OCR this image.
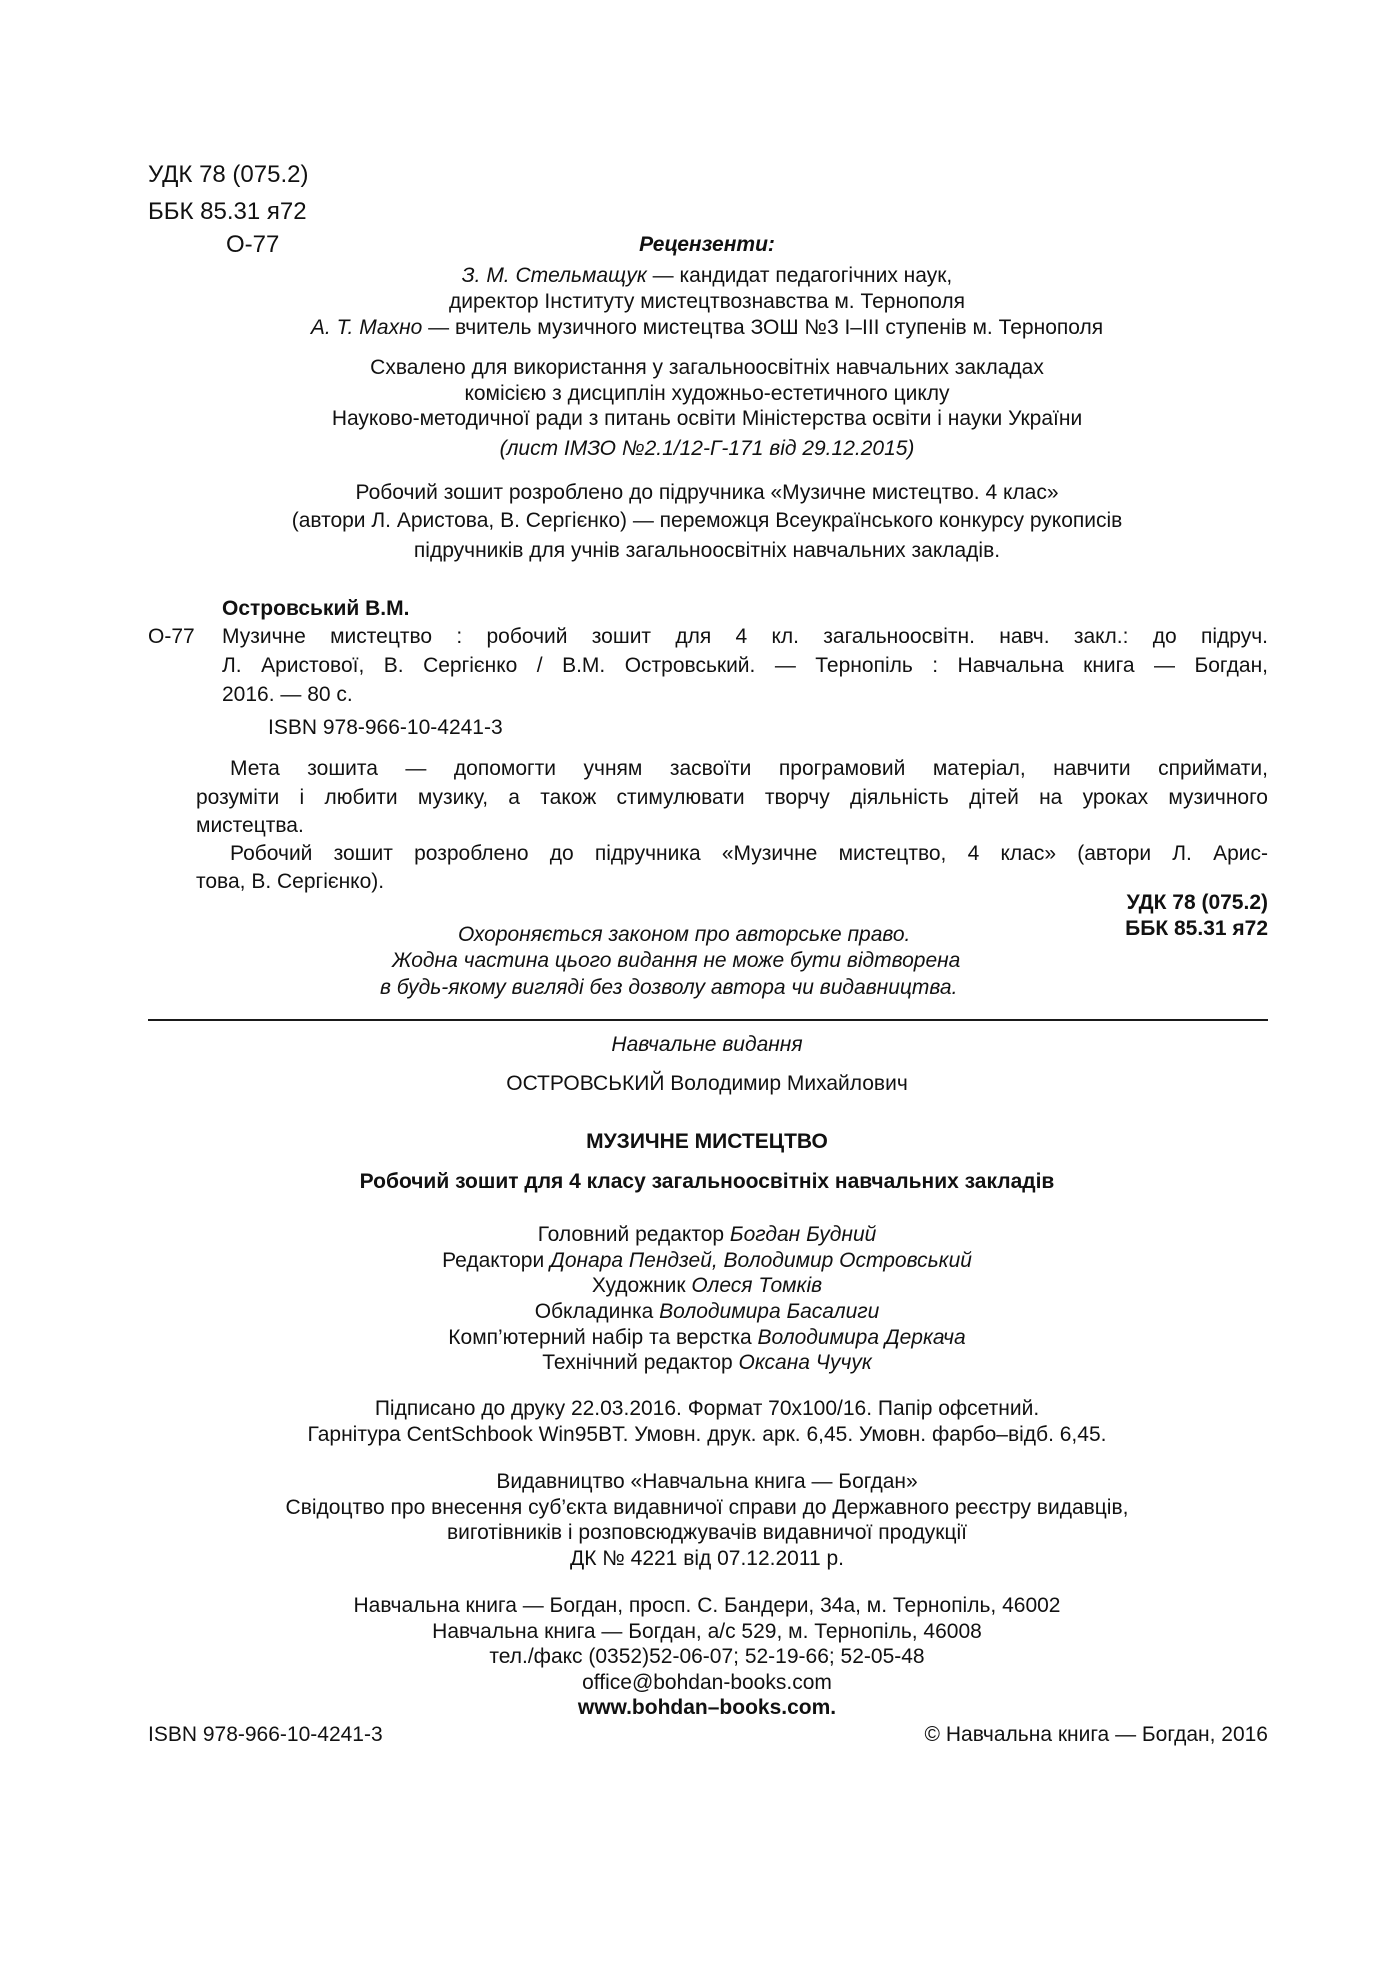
УДК 78 (075.2)
ББК 85.31 я72
О-77	Рецензенти:
З. М. Стельмащук — кандидат педагогічних наук,
директор Інституту мистецтвознавства м. Тернополя
А. Т. Махно — вчитель музичного мистецтва ЗОШ №3 І–ІІІ ступенів м. Тернополя
Схвалено для використання у загальноосвітніх навчальних закладах
комісією з дисциплін художньо-естетичного циклу
Науково-методичної ради з питань освіти Міністерства освіти і науки України
(лист ІМЗО №2.1/12-Г-171 від 29.12.2015)
Робочий зошит розроблено до підручника «Музичне мистецтво. 4 клас»
(автори Л. Аристова, В. Сергієнко) — переможця Всеукраїнського конкурсу рукописів
підручників для учнів загальноосвітніх навчальних закладів.
Островський В.М.
О-77 Музичне мистецтво : робочий зошит для 4 кл. загальноосвітн. навч. закл.: до підруч.
Л. Аристової, В. Сергієнко / В.М. Островський. — Тернопіль : Навчальна книга — Богдан,
2016. — 80 с.
ISBN 978-966-10-4241-3
Мета зошита — допомогти учням засвоїти програмовий матеріал, навчити сприймати,
розуміти і любити музику, а також стимулювати творчу діяльність дітей на уроках музичного
мистецтва.
Робочий зошит розроблено до підручника «Музичне мистецтво, 4 клас» (автори Л. Арис-
това, В. Сергієнко).
УДК 78 (075.2)
ББК 85.31 я72
Охороняється законом про авторське право.
Жодна частина цього видання не може бути відтворена
в будь-якому вигляді без дозволу автора чи видавництва.
Навчальне видання
ОСТРОВСЬКИЙ Володимир Михайлович
МУЗИЧНЕ МИСТЕЦТВО
Робочий зошит для 4 класу загальноосвітніх навчальних закладів
Головний редактор Богдан Будний
Редактори Донара Пендзей, Володимир Островський
Художник Олеся Томків
Обкладинка Володимира Басалиги
Комп’ютерний набір та верстка Володимира Деркача
Технічний редактор Оксана Чучук
Підписано до друку 22.03.2016. Формат 70х100/16. Папір офсетний.
Гарнітура CentSchbook Win95BT. Умовн. друк. арк. 6,45. Умовн. фарбо–відб. 6,45.
Видавництво «Навчальна книга — Богдан»
Свідоцтво про внесення суб’єкта видавничої справи до Державного реєстру видавців,
виготівників і розповсюджувачів видавничої продукції
ДК № 4221 від 07.12.2011 р.
Навчальна книга — Богдан, просп. С. Бандери, 34а, м. Тернопіль, 46002
Навчальна книга — Богдан, а/с 529, м. Тернопіль, 46008
тел./факс (0352)52-06-07; 52-19-66; 52-05-48
office@bohdan-books.com
www.bohdan–books.com.
ISBN 978-966-10-4241-3	© Навчальна книга — Богдан, 2016
